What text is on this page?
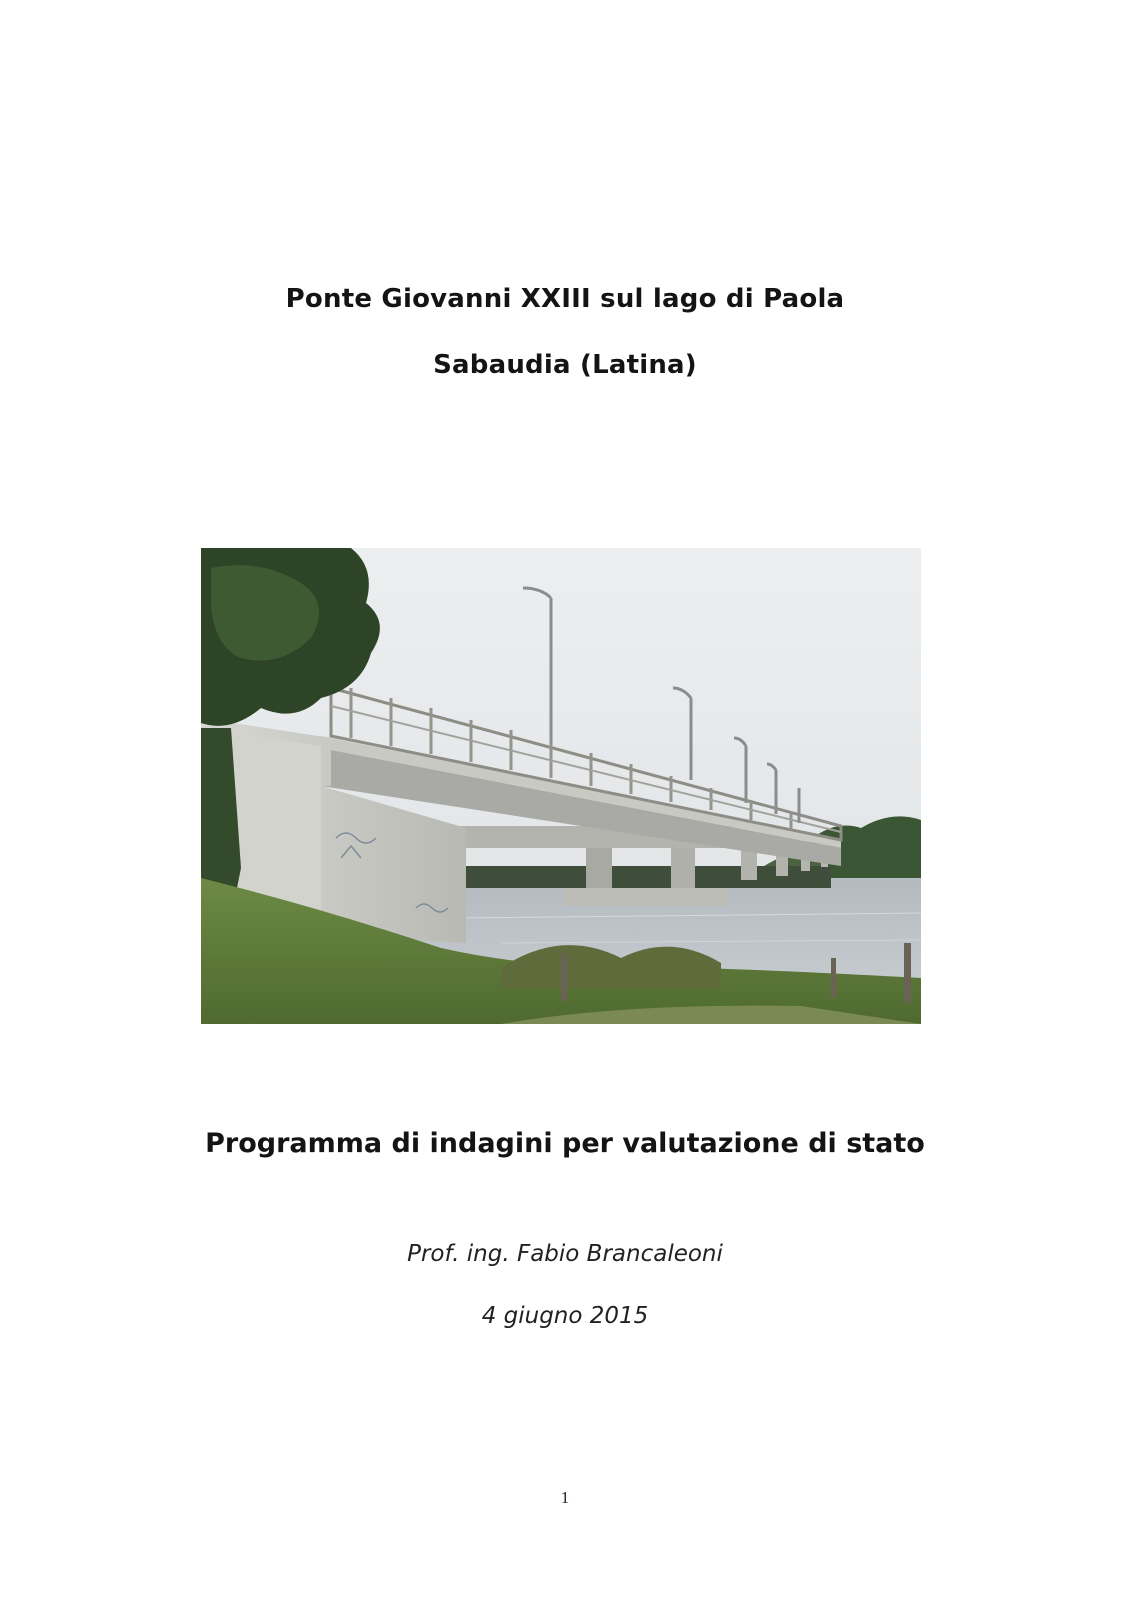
Ponte Giovanni XXIII sul lago di Paola
Sabaudia (Latina)
Programma di indagini per valutazione di stato
Prof. ing. Fabio Brancaleoni
4 giugno 2015
1
